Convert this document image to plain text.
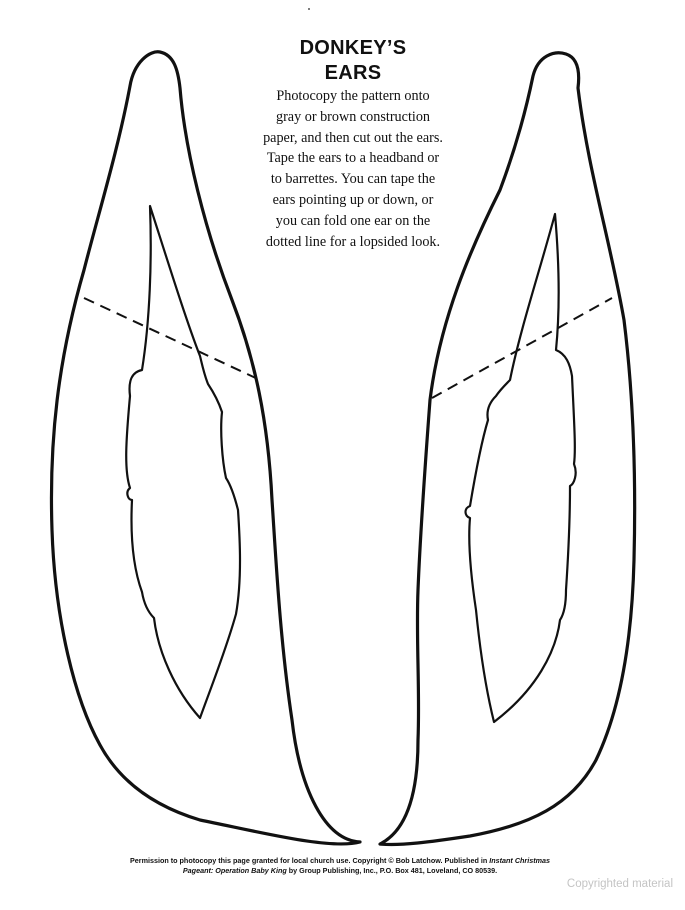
DONKEY’S
EARS

Photocopy the pattern onto gray or brown construction paper, and then cut out the ears. Tape the ears to a headband or to barrettes. You can tape the ears pointing up or down, or you can fold one ear on the dotted line for a lopsided look.

Permission to photocopy this page granted for local church use. Copyright © Bob Latchow. Published in Instant Christmas
Pageant: Operation Baby King by Group Publishing, Inc., P.O. Box 481, Loveland, CO 80539.
Copyrighted material
